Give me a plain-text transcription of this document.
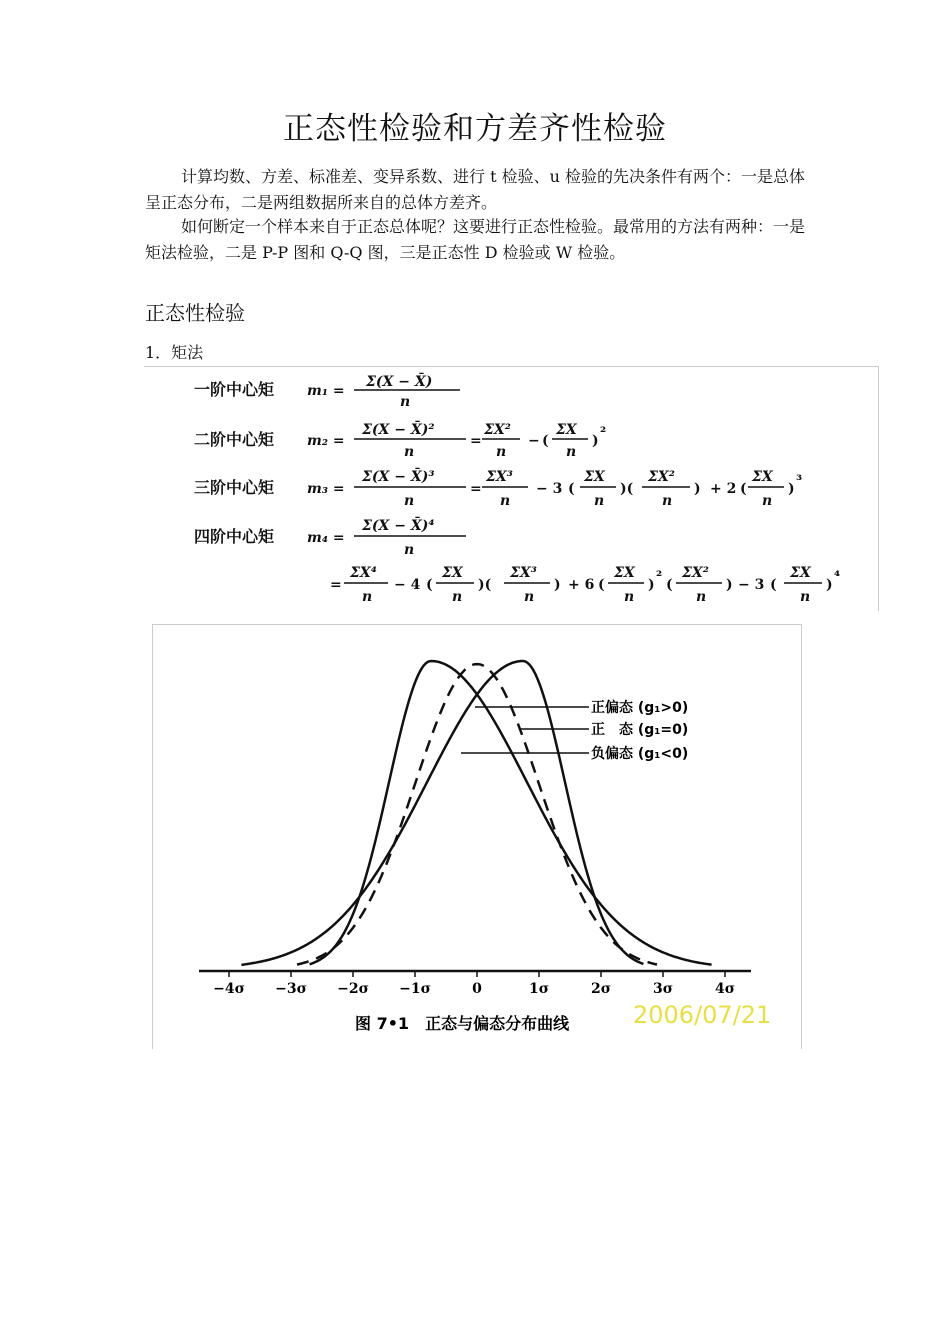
正态性检验和方差齐性检验
计算均数、方差、标准差、变异系数、进行 t 检验、u 检验的先决条件有两个：一是总体呈正态分布，二是两组数据所来自的总体方差齐。
如何断定一个样本来自于正态总体呢？这要进行正态性检验。最常用的方法有两种：一是矩法检验，二是 P-P 图和 Q-Q 图，三是正态性 D 检验或 W 检验。
正态性检验
1．矩法
一阶中心矩 m₁ =
Σ(X − X̄)
n
二阶中心矩 m₂ =
Σ(X − X̄)²
n
=
ΣX²
n
− (
ΣX
n
) ²
三阶中心矩 m₃ =
Σ(X − X̄)³
n
=
ΣX³
n
− 3 (
ΣX
n
)(
ΣX²
n
) + 2 (
ΣX
n
) ³
四阶中心矩 m₄ =
Σ(X − X̄)⁴
n
=
ΣX⁴
n
− 4 (
ΣX
n
)(
ΣX³
n
) + 6 (
ΣX
n
) ² (
ΣX²
n
) − 3 (
ΣX
n
) ⁴
−4σ −3σ −2σ −1σ	0	1σ	2σ	3σ	4σ
正偏态 (g₁>0)
正　态 (g₁=0)
负偏态 (g₁<0)
图 7•1　正态与偏态分布曲线	2006/07/21
